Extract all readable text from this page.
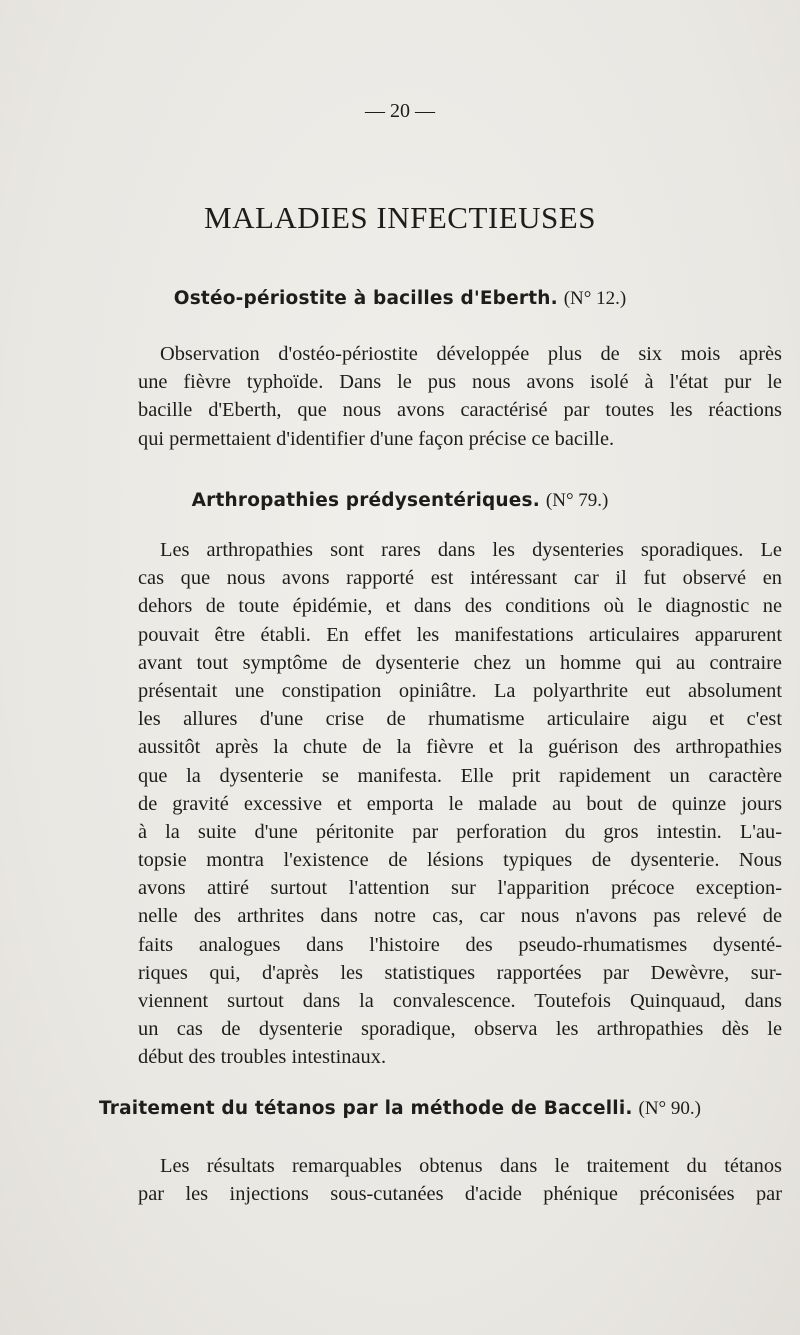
— 20 —
MALADIES INFECTIEUSES
Ostéo-périostite à bacilles d'Eberth. (N° 12.)
Observation d'ostéo-périostite développée plus de six mois après
une fièvre typhoïde. Dans le pus nous avons isolé à l'état pur le
bacille d'Eberth, que nous avons caractérisé par toutes les réactions
qui permettaient d'identifier d'une façon précise ce bacille.
Arthropathies prédysentériques. (N° 79.)
Les arthropathies sont rares dans les dysenteries sporadiques. Le
cas que nous avons rapporté est intéressant car il fut observé en
dehors de toute épidémie, et dans des conditions où le diagnostic ne
pouvait être établi. En effet les manifestations articulaires apparurent
avant tout symptôme de dysenterie chez un homme qui au contraire
présentait une constipation opiniâtre. La polyarthrite eut absolument
les allures d'une crise de rhumatisme articulaire aigu et c'est
aussitôt après la chute de la fièvre et la guérison des arthropathies
que la dysenterie se manifesta. Elle prit rapidement un caractère
de gravité excessive et emporta le malade au bout de quinze jours
à la suite d'une péritonite par perforation du gros intestin. L'au-
topsie montra l'existence de lésions typiques de dysenterie. Nous
avons attiré surtout l'attention sur l'apparition précoce exception-
nelle des arthrites dans notre cas, car nous n'avons pas relevé de
faits analogues dans l'histoire des pseudo-rhumatismes dysenté-
riques qui, d'après les statistiques rapportées par Dewèvre, sur-
viennent surtout dans la convalescence. Toutefois Quinquaud, dans
un cas de dysenterie sporadique, observa les arthropathies dès le
début des troubles intestinaux.
Traitement du tétanos par la méthode de Baccelli. (N° 90.)
Les résultats remarquables obtenus dans le traitement du tétanos
par les injections sous-cutanées d'acide phénique préconisées par
